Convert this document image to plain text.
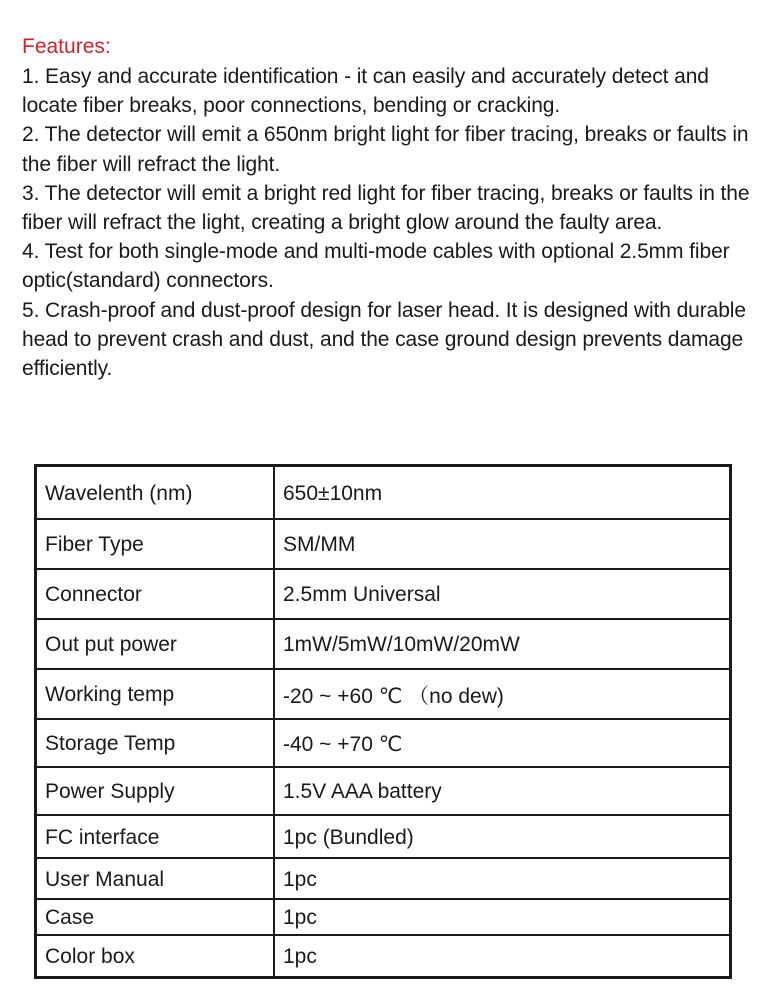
Features:
1. Easy and accurate identification - it can easily and accurately detect and locate fiber breaks, poor connections, bending or cracking.
2. The detector will emit a 650nm bright light for fiber tracing, breaks or faults in the fiber will refract the light.
3. The detector will emit a bright red light for fiber tracing, breaks or faults in the fiber will refract the light, creating a bright glow around the faulty area.
4. Test for both single-mode and multi-mode cables with optional 2.5mm fiber optic(standard) connectors.
5. Crash-proof and dust-proof design for laser head. It is designed with durable head to prevent crash and dust, and the case ground design prevents damage efficiently.
Wavelenth (nm)	650±10nm
Fiber Type	SM/MM
Connector	2.5mm Universal
Out put power	1mW/5mW/10mW/20mW
Working temp	-20 ~ +60 ℃ （no dew)
Storage Temp	-40 ~ +70 ℃
Power Supply	1.5V AAA battery
FC interface	1pc (Bundled)
User Manual	1pc
Case	1pc
Color box	1pc
